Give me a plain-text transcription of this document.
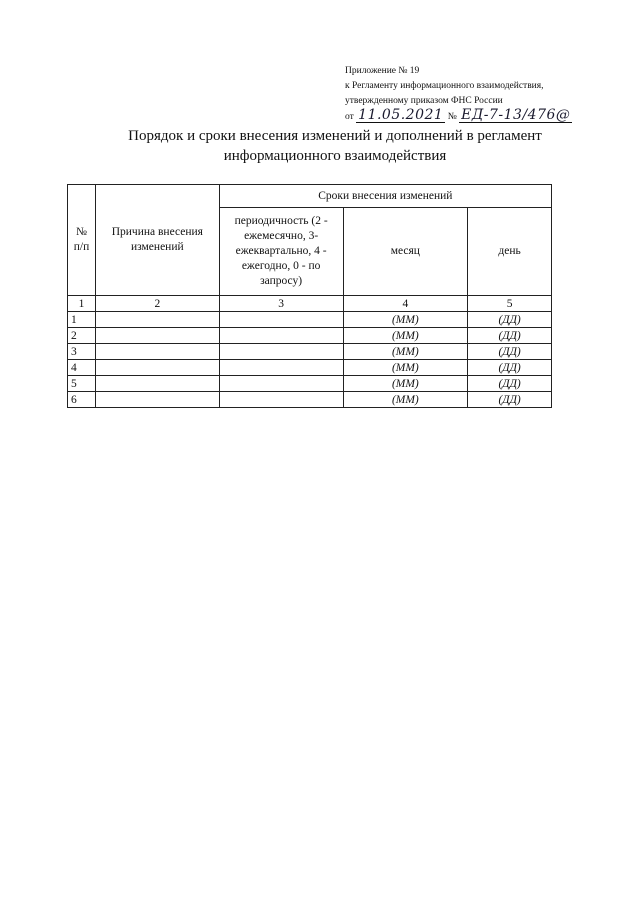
Приложение № 19
к Регламенту информационного взаимодействия,
утвержденному приказом ФНС России
от 11.05.2021 № ЕД-7-13/476@
Порядок и сроки внесения изменений и дополнений в регламент
информационного взаимодействия
№ п/п	Причина внесения изменений	Сроки внесения изменений		
		периодичность (2 - ежемесячно, 3- ежеквартально, 4 - ежегодно, 0 - по запросу)	месяц	день
1	2	3	4	5
1			(ММ)	(ДД)
2			(ММ)	(ДД)
3			(ММ)	(ДД)
4			(ММ)	(ДД)
5			(ММ)	(ДД)
6			(ММ)	(ДД)
